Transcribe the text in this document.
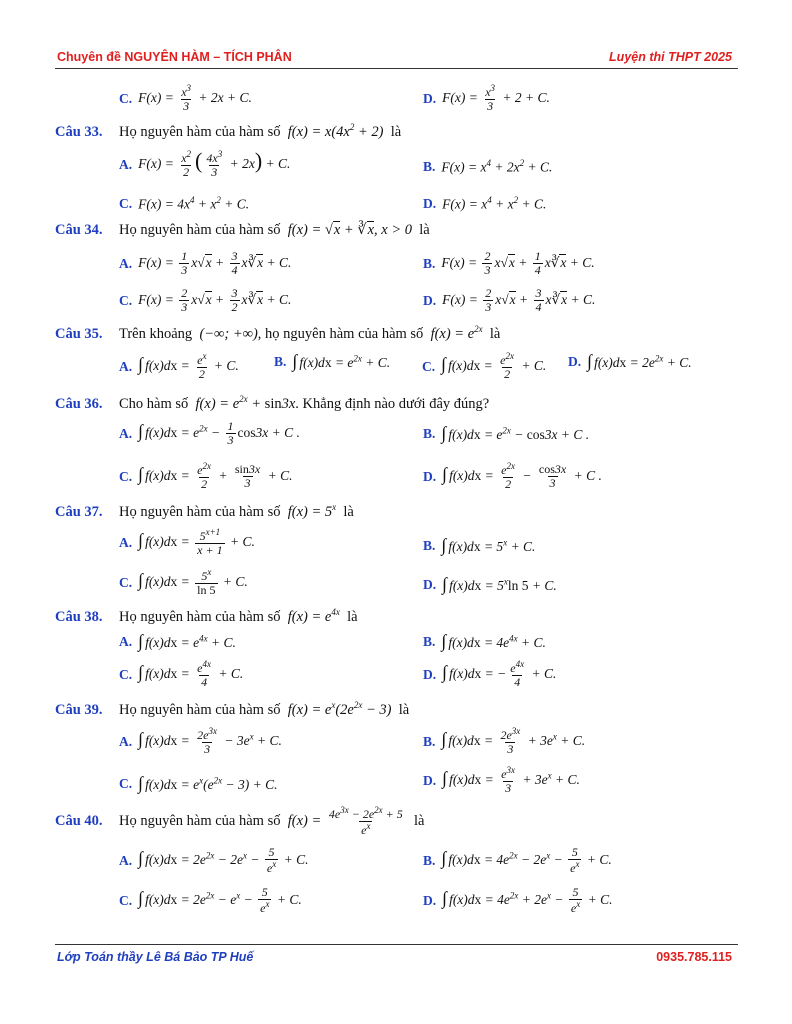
Chuyên đề NGUYÊN HÀM – TÍCH PHÂN	Luyện thi THPT 2025
C. $F(x) = \frac{x^3}{3} + 2x + C$.	D. $F(x) = \frac{x^3}{3} + 2 + C$.
Câu 33. Họ nguyên hàm của hàm số  $f(x) = x(4x^2 + 2)$ là
A. $F(x) = \frac{x^2}{2}$ ( $\frac{4x^3}{3} + 2x) + C$.	B. $F(x) = x^4 + 2x^2 + C$.
C. $F(x) = 4x^4 + x^2 + C$.	D. $F(x) = x^4 + x^2 + C$.
Câu 34. Họ nguyên hàm của hàm số  f(x) = √x + ∛x, x > 0 là
A. $F(x) = \frac{1}{3} x√x + \frac{3}{4}$ x∛x + C.	B. $F(x) = \frac{2}{3} x√x + \frac{1}{4}$ x∛x + C.
C. $F(x) = \frac{2}{3} x√x + \frac{3}{2}$ x∛x + C.	D. $F(x) = \frac{2}{3} x√x + \frac{3}{4}$ x∛x + C.
Câu 35. Trên khoảng  (−∞; +∞), họ nguyên hàm của hàm số  $f(x) = e^{2x}$ là
A. ∫ $f(x)dx = \frac{e^x}{2} + C$.	B. ∫ $f(x)dx = e^{2x} + C$. C. ∫ $f(x)dx = \frac{e^{2x}}{2} + C$. D. ∫ $f(x)dx = 2e^{2x} + C$.
Câu 36. Cho hàm số  $f(x) = e^{2x} + \sin 3x$. Khẳng định nào dưới đây đúng?
A. ∫ $f(x)dx = e^{2x} - \frac{1}{3} \cos 3x + C$ .	B. ∫ $f(x)dx = e^{2x} - \cos 3x + C$ .
C. ∫ $f(x)dx = \frac{e^{2x}}{2} + \frac{\sin 3x}{3} + C$.	D. ∫ $f(x)dx = \frac{e^{2x}}{2} - \frac{\cos 3x}{3} + C$ .
Câu 37. Họ nguyên hàm của hàm số  $f(x) = 5^x$ là
A. ∫ $f(x)dx = \frac{5^{x+1}}{x + 1} + C$.	B. ∫ $f(x)dx = 5^x + C$.
C. ∫ $f(x)dx = \frac{5^x}{\ln 5} + C$.	D. ∫ $f(x)dx = 5^x\ln$ 5 + C.
Câu 38. Họ nguyên hàm của hàm số  $f(x) = e^{4x}$ là
A. ∫ $f(x)dx = e^{4x} + C$.	B. ∫ $f(x)dx = 4e^{4x} + C$.
C. ∫ $f(x)dx = \frac{e^{4x}}{4} + C$.	D. ∫ f(x)dx = − $\frac{e^{4x}}{4} + C$.
Câu 39. Họ nguyên hàm của hàm số  $f(x) = e^x(2e^{2x} - 3)$ là
A. ∫ $f(x)dx = \frac{2e^{3x}}{3} - 3e^x + C$.	B. ∫ $f(x)dx = \frac{2e^{3x}}{3} + 3e^x + C$.
C. ∫ $f(x)dx = e^x(e^{2x} - 3) + C$.	D. ∫ $f(x)dx = \frac{e^{3x}}{3} + 3e^x + C$.
Câu 40. Họ nguyên hàm của hàm số  $f(x) = \frac{4e^{3x} - 2e^{2x} + 5}{e^x}$ là
A. ∫ $f(x)dx = 2e^{2x} - 2e^x - \frac{5}{e^x} + C$.	B. ∫ $f(x)dx = 4e^{2x} - 2e^x - \frac{5}{e^x} + C$.
C. ∫ $f(x)dx = 2e^{2x} - e^x - \frac{5}{e^x} + C$.	D. ∫ $f(x)dx = 4e^{2x} + 2e^x - \frac{5}{e^x} + C$.
Lớp Toán thầy Lê Bá Bảo TP Huế	0935.785.115
